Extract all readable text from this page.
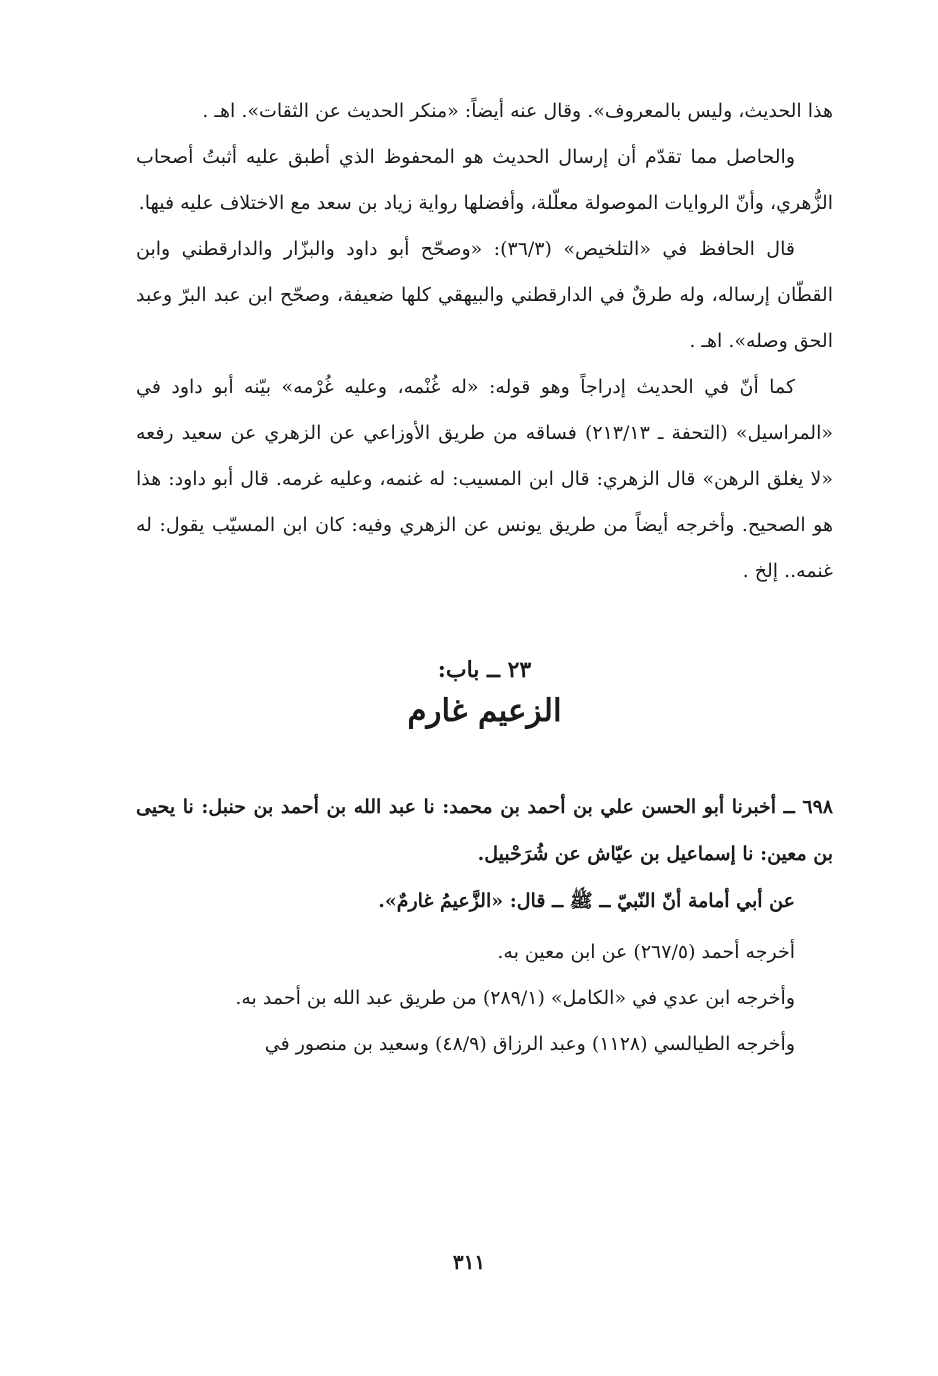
هذا الحديث، وليس بالمعروف». وقال عنه أيضاً: «منكر الحديث عن الثقات». اهـ .

والحاصل مما تقدّم أن إرسال الحديث هو المحفوظ الذي أطبق عليه أثبتُ أصحاب الزُّهري، وأنّ الروايات الموصولة معلّلة، وأفضلها رواية زياد بن سعد مع الاختلاف عليه فيها.

قال الحافظ في «التلخيص» (٣٦/٣): «وصحّح أبو داود والبزّار والدارقطني وابن القطّان إرساله، وله طرقٌ في الدارقطني والبيهقي كلها ضعيفة، وصحّح ابن عبد البرّ وعبد الحق وصله». اهـ .

كما أنّ في الحديث إدراجاً وهو قوله: «له غُنْمه، وعليه غُرْمه» بيّنه أبو داود في «المراسيل» (التحفة ـ ٢١٣/١٣) فساقه من طريق الأوزاعي عن الزهري عن سعيد رفعه «لا يغلق الرهن» قال الزهري: قال ابن المسيب: له غنمه، وعليه غرمه. قال أبو داود: هذا هو الصحيح. وأخرجه أيضاً من طريق يونس عن الزهري وفيه: كان ابن المسيّب يقول: له غنمه.. إلخ .

٢٣ ــ باب:
الزعيم غارم

٦٩٨ ــ أخبرنا أبو الحسن علي بن أحمد بن محمد: نا عبد الله بن أحمد بن حنبل: نا يحيى بن معين: نا إسماعيل بن عيّاش عن شُرَحْبيل.

عن أبي أمامة أنّ النّبيّ ــ ﷺ ــ قال: «الزَّعيمُ غارمٌ».

أخرجه أحمد (٢٦٧/٥) عن ابن معين به.

وأخرجه ابن عدي في «الكامل» (٢٨٩/١) من طريق عبد الله بن أحمد به.

وأخرجه الطيالسي (١١٢٨) وعبد الرزاق (٤٨/٩) وسعيد بن منصور في

٣١١
